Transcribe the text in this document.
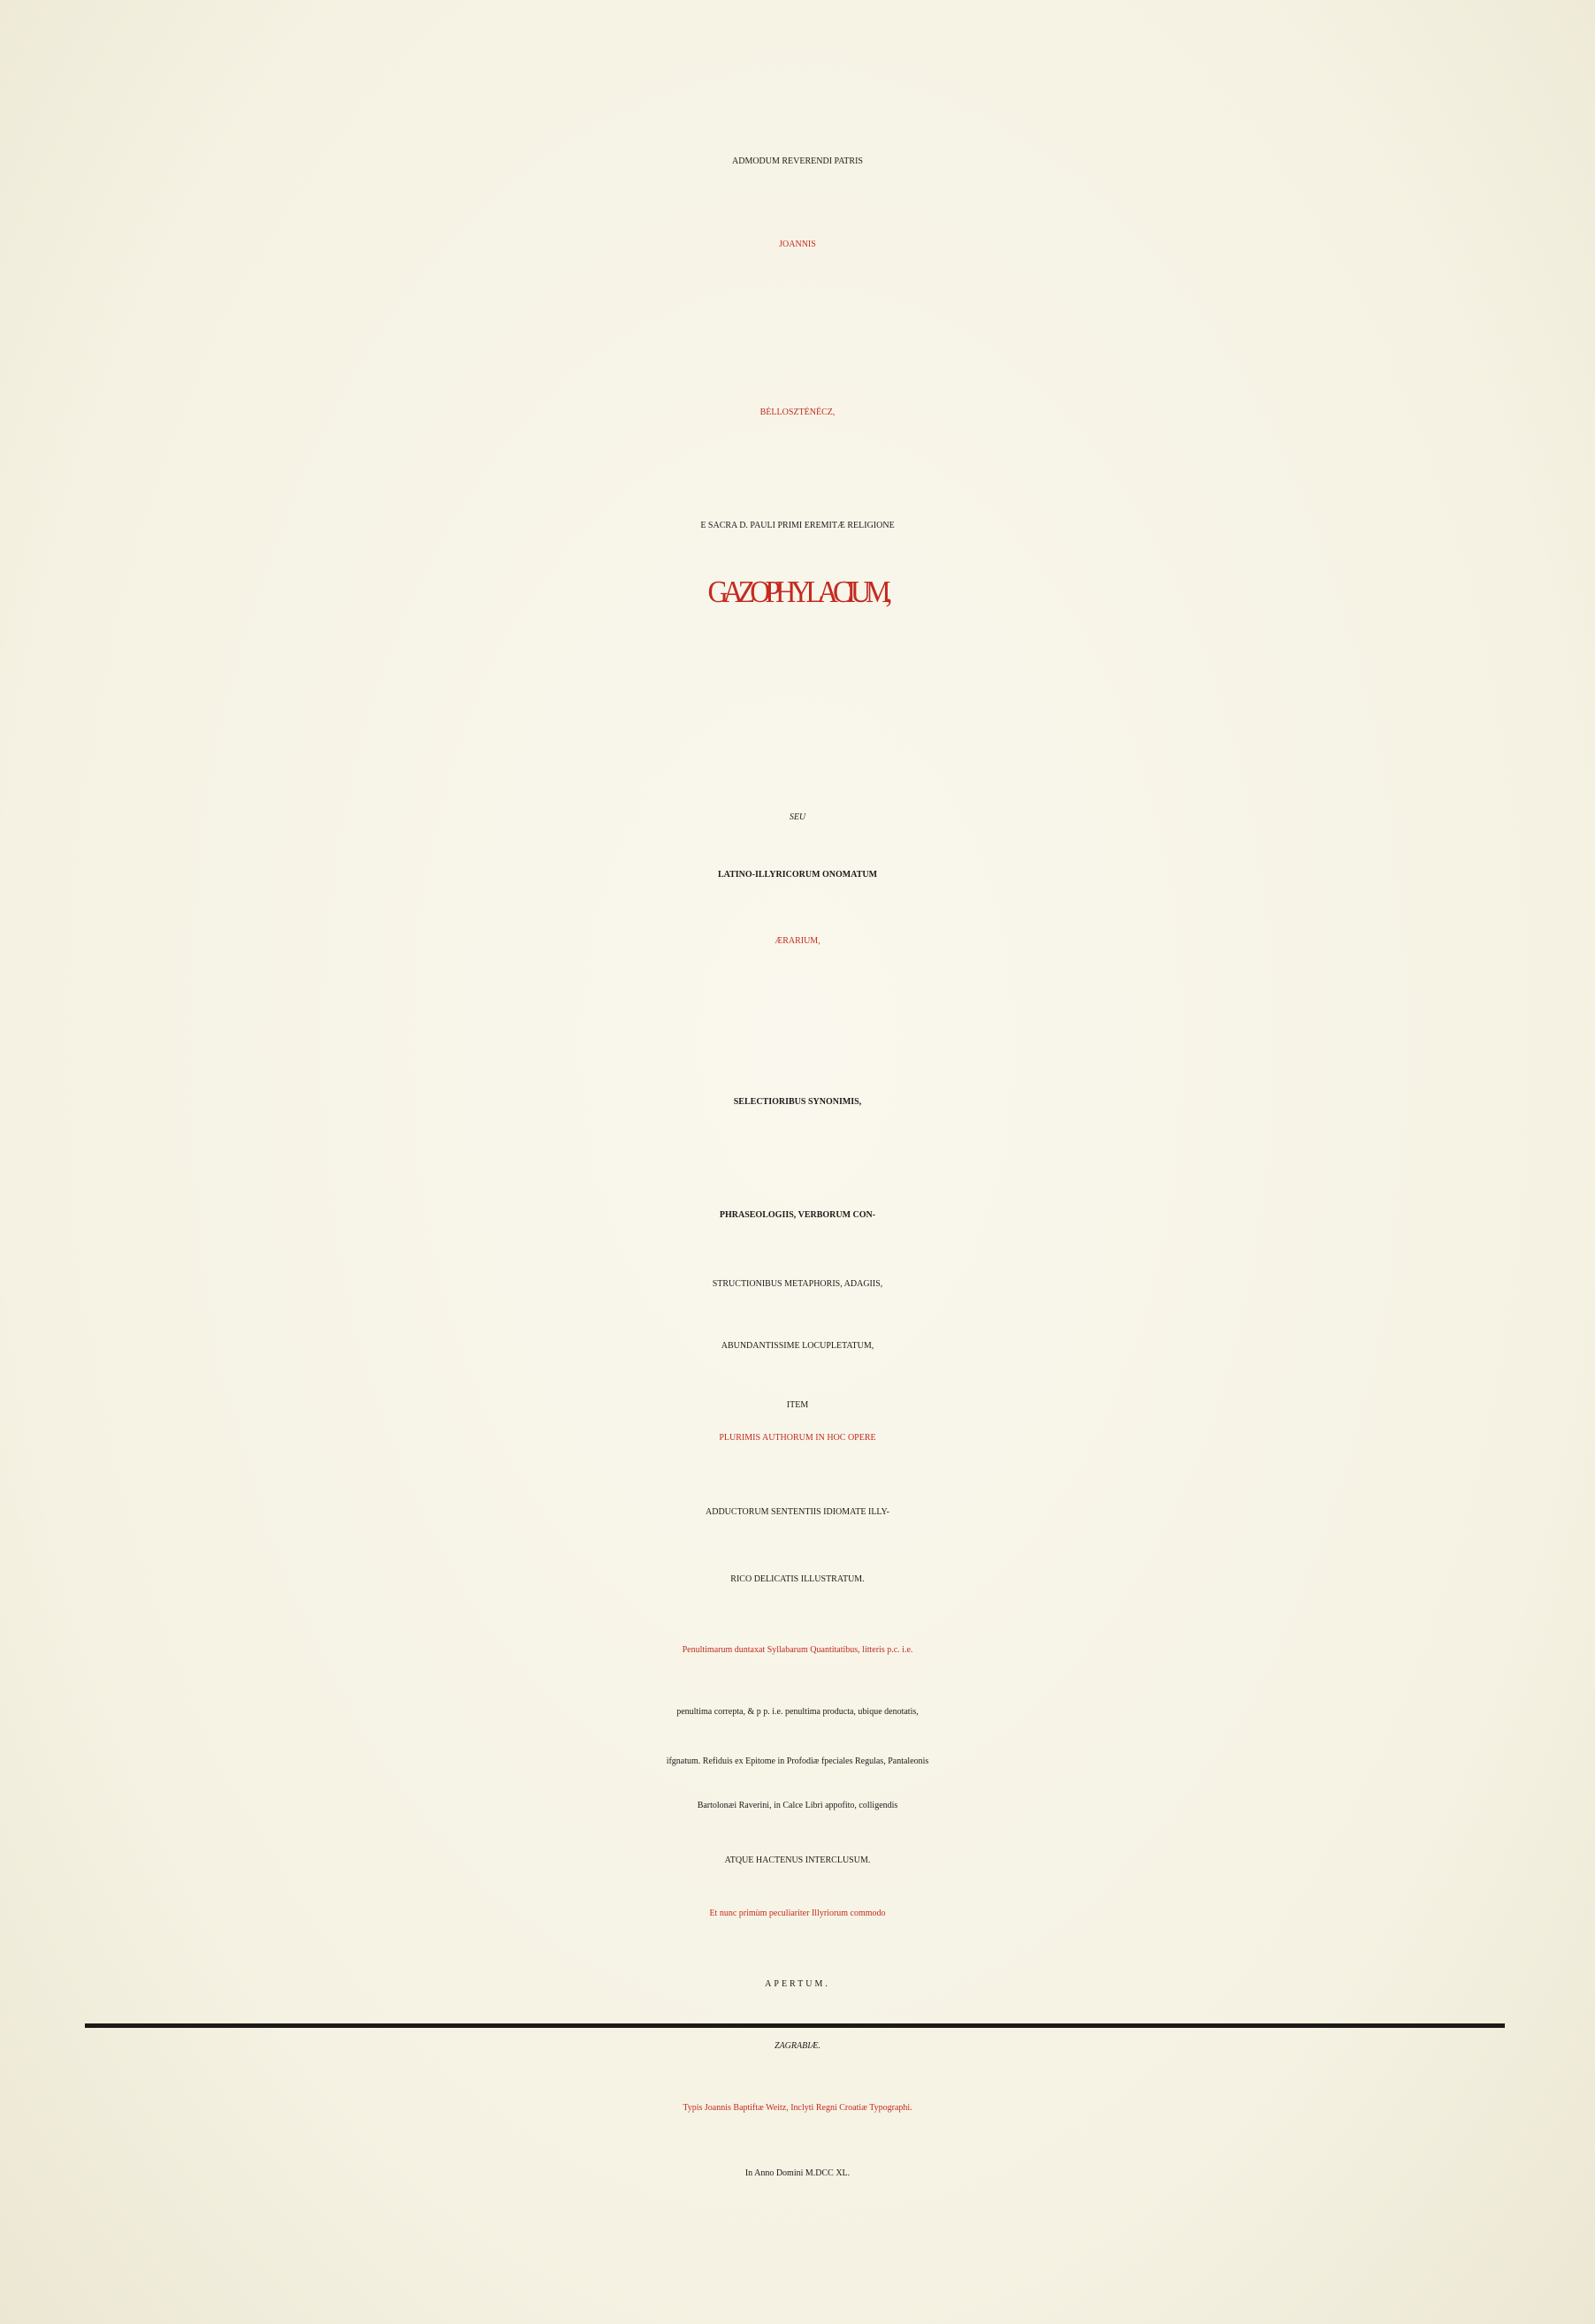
ADMODUM REVERENDI PATRIS
JOANNIS
BĖLLOSZTĖNËCZ,
E SACRA D. PAULI PRIMI EREMITÆ RELIGIONE
GAZOPHYLACIUM,
SEU
LATINO-ILLYRICORUM ONOMATUM
ÆRARIUM,
SELECTIORIBUS SYNONIMIS,
PHRASEOLOGIIS, VERBORUM CON-
STRUCTIONIBUS METAPHORIS, ADAGIIS,
ABUNDANTISSIME LOCUPLETATUM,
ITEM
PLURIMIS AUTHORUM IN HOC OPERE
ADDUCTORUM SENTENTIIS IDIOMATE ILLY-
RICO DELICATIS ILLUSTRATUM.
Penultimarum duntaxat Syllabarum Quantitatibus, litteris p.c. i.e.
penultima correpta, & p p. i.e. penultima producta, ubique denotatis,
ifgnatum. Refiduis ex Epitome in Profodiæ fpeciales Regulas, Pantaleonis
Bartolonæi Raverini, in Calce Libri appofito, colligendis
ATQUE HACTENUS INTERCLUSUM.
Et nunc primùm peculiariter Illyriorum commodo
APERTUM.
ZAGRABIÆ.
Typis Joannis Baptiftæ Weitz, Inclyti Regni Croatiæ Typographi.
In Anno Domini M.DCC XL.
